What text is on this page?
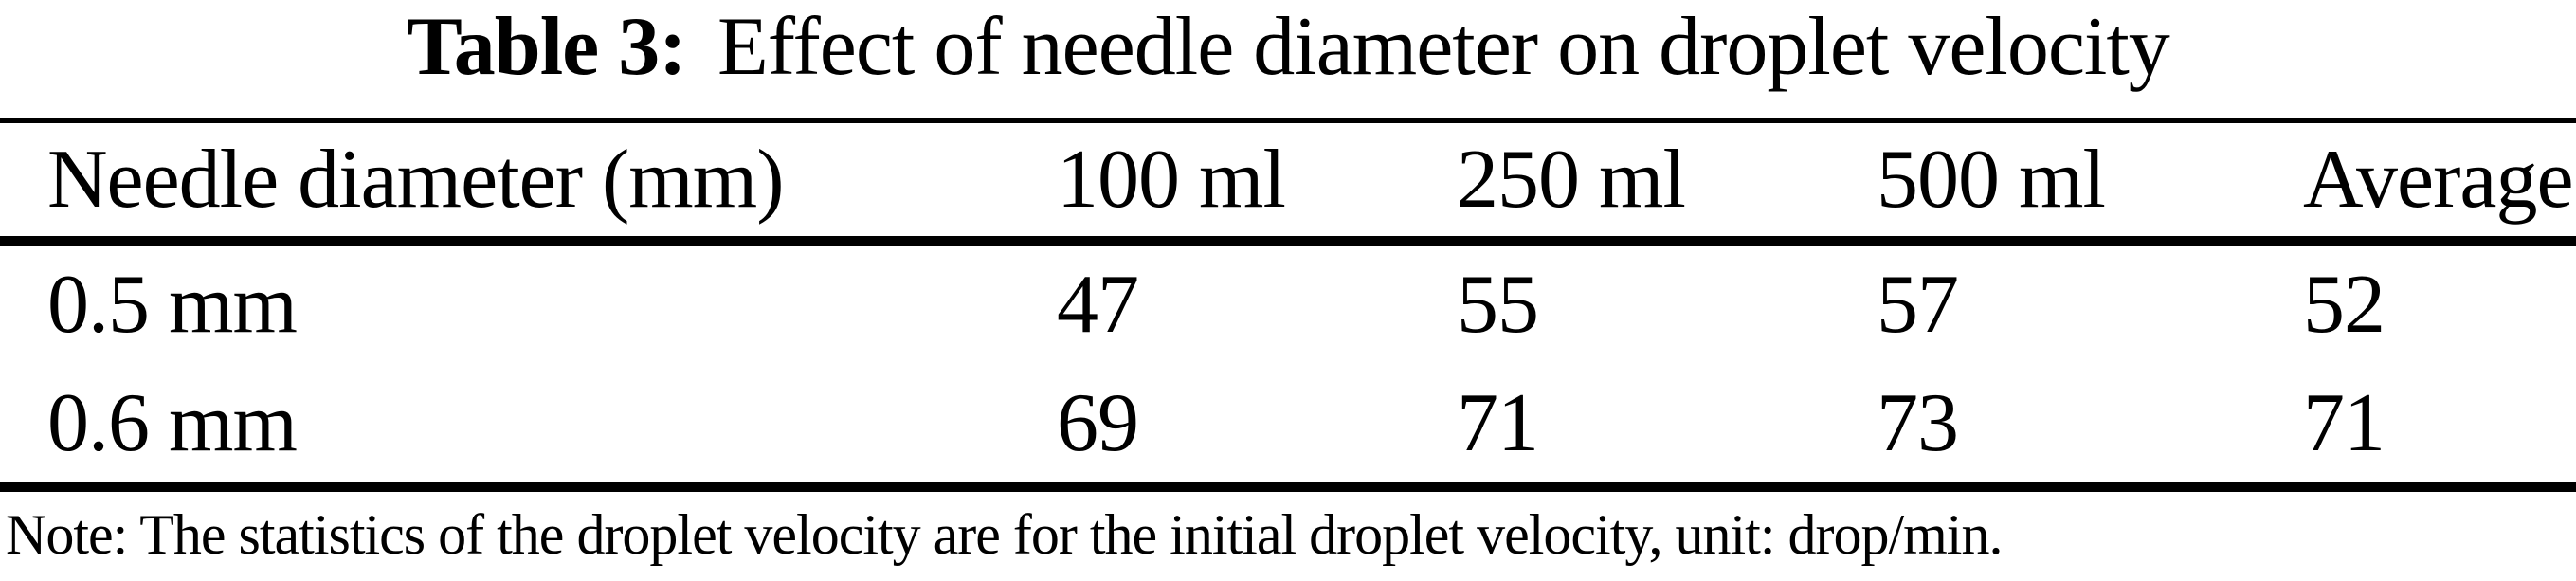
Table 3: Effect of needle diameter on droplet velocity
Needle diameter (mm)	100 ml	250 ml	500 ml	Average
0.5 mm	47	55	57	52
0.6 mm	69	71	73	71
Note: The statistics of the droplet velocity are for the initial droplet velocity, unit: drop/min.
